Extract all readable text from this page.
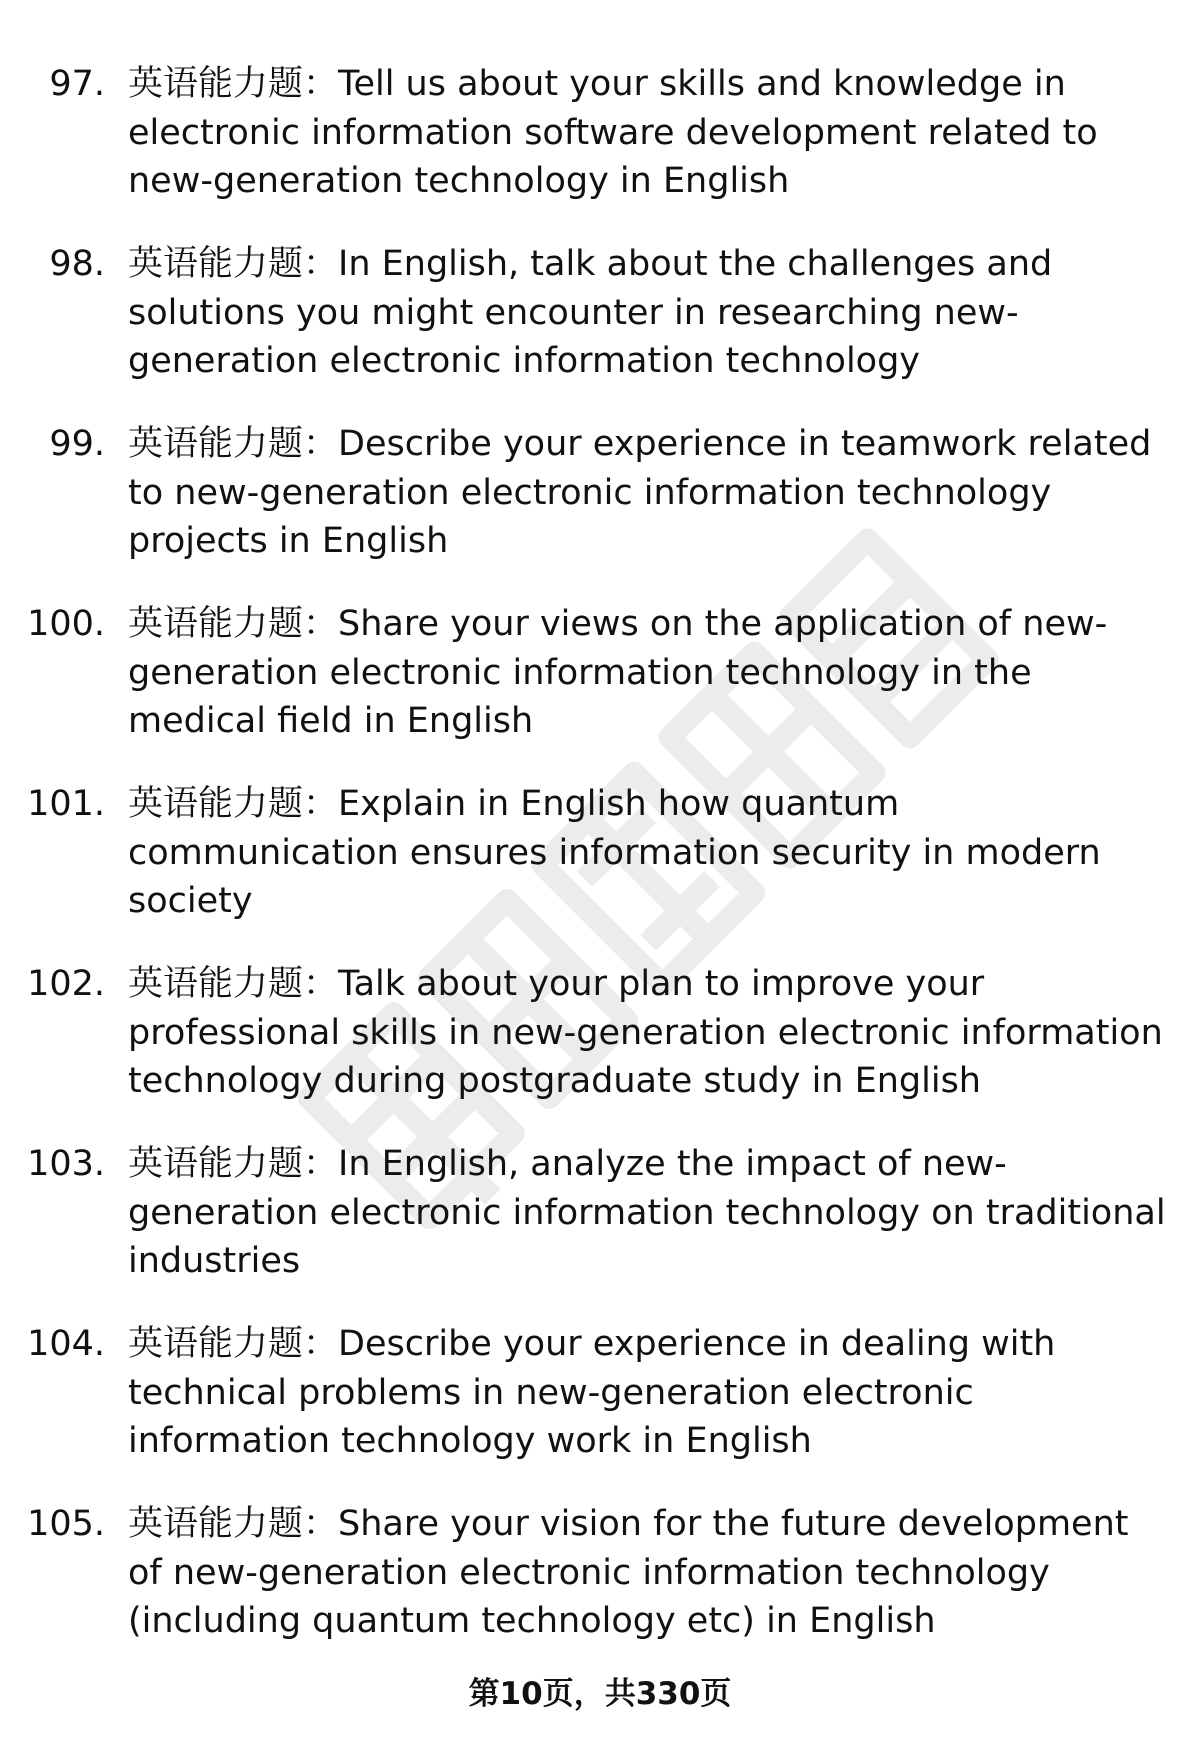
97. 英语能力题：Tell us about your skills and knowledge in electronic information software development related to new-generation technology in English
98. 英语能力题：In English, talk about the challenges and solutions you might encounter in researching new-generation electronic information technology
99. 英语能力题：Describe your experience in teamwork related to new-generation electronic information technology projects in English
100. 英语能力题：Share your views on the application of new-generation electronic information technology in the medical field in English
101. 英语能力题：Explain in English how quantum communication ensures information security in modern society
102. 英语能力题：Talk about your plan to improve your professional skills in new-generation electronic information technology during postgraduate study in English
103. 英语能力题：In English, analyze the impact of new-generation electronic information technology on traditional industries
104. 英语能力题：Describe your experience in dealing with technical problems in new-generation electronic information technology work in English
105. 英语能力题：Share your vision for the future development of new-generation electronic information technology (including quantum technology etc) in English
第10页，共330页
